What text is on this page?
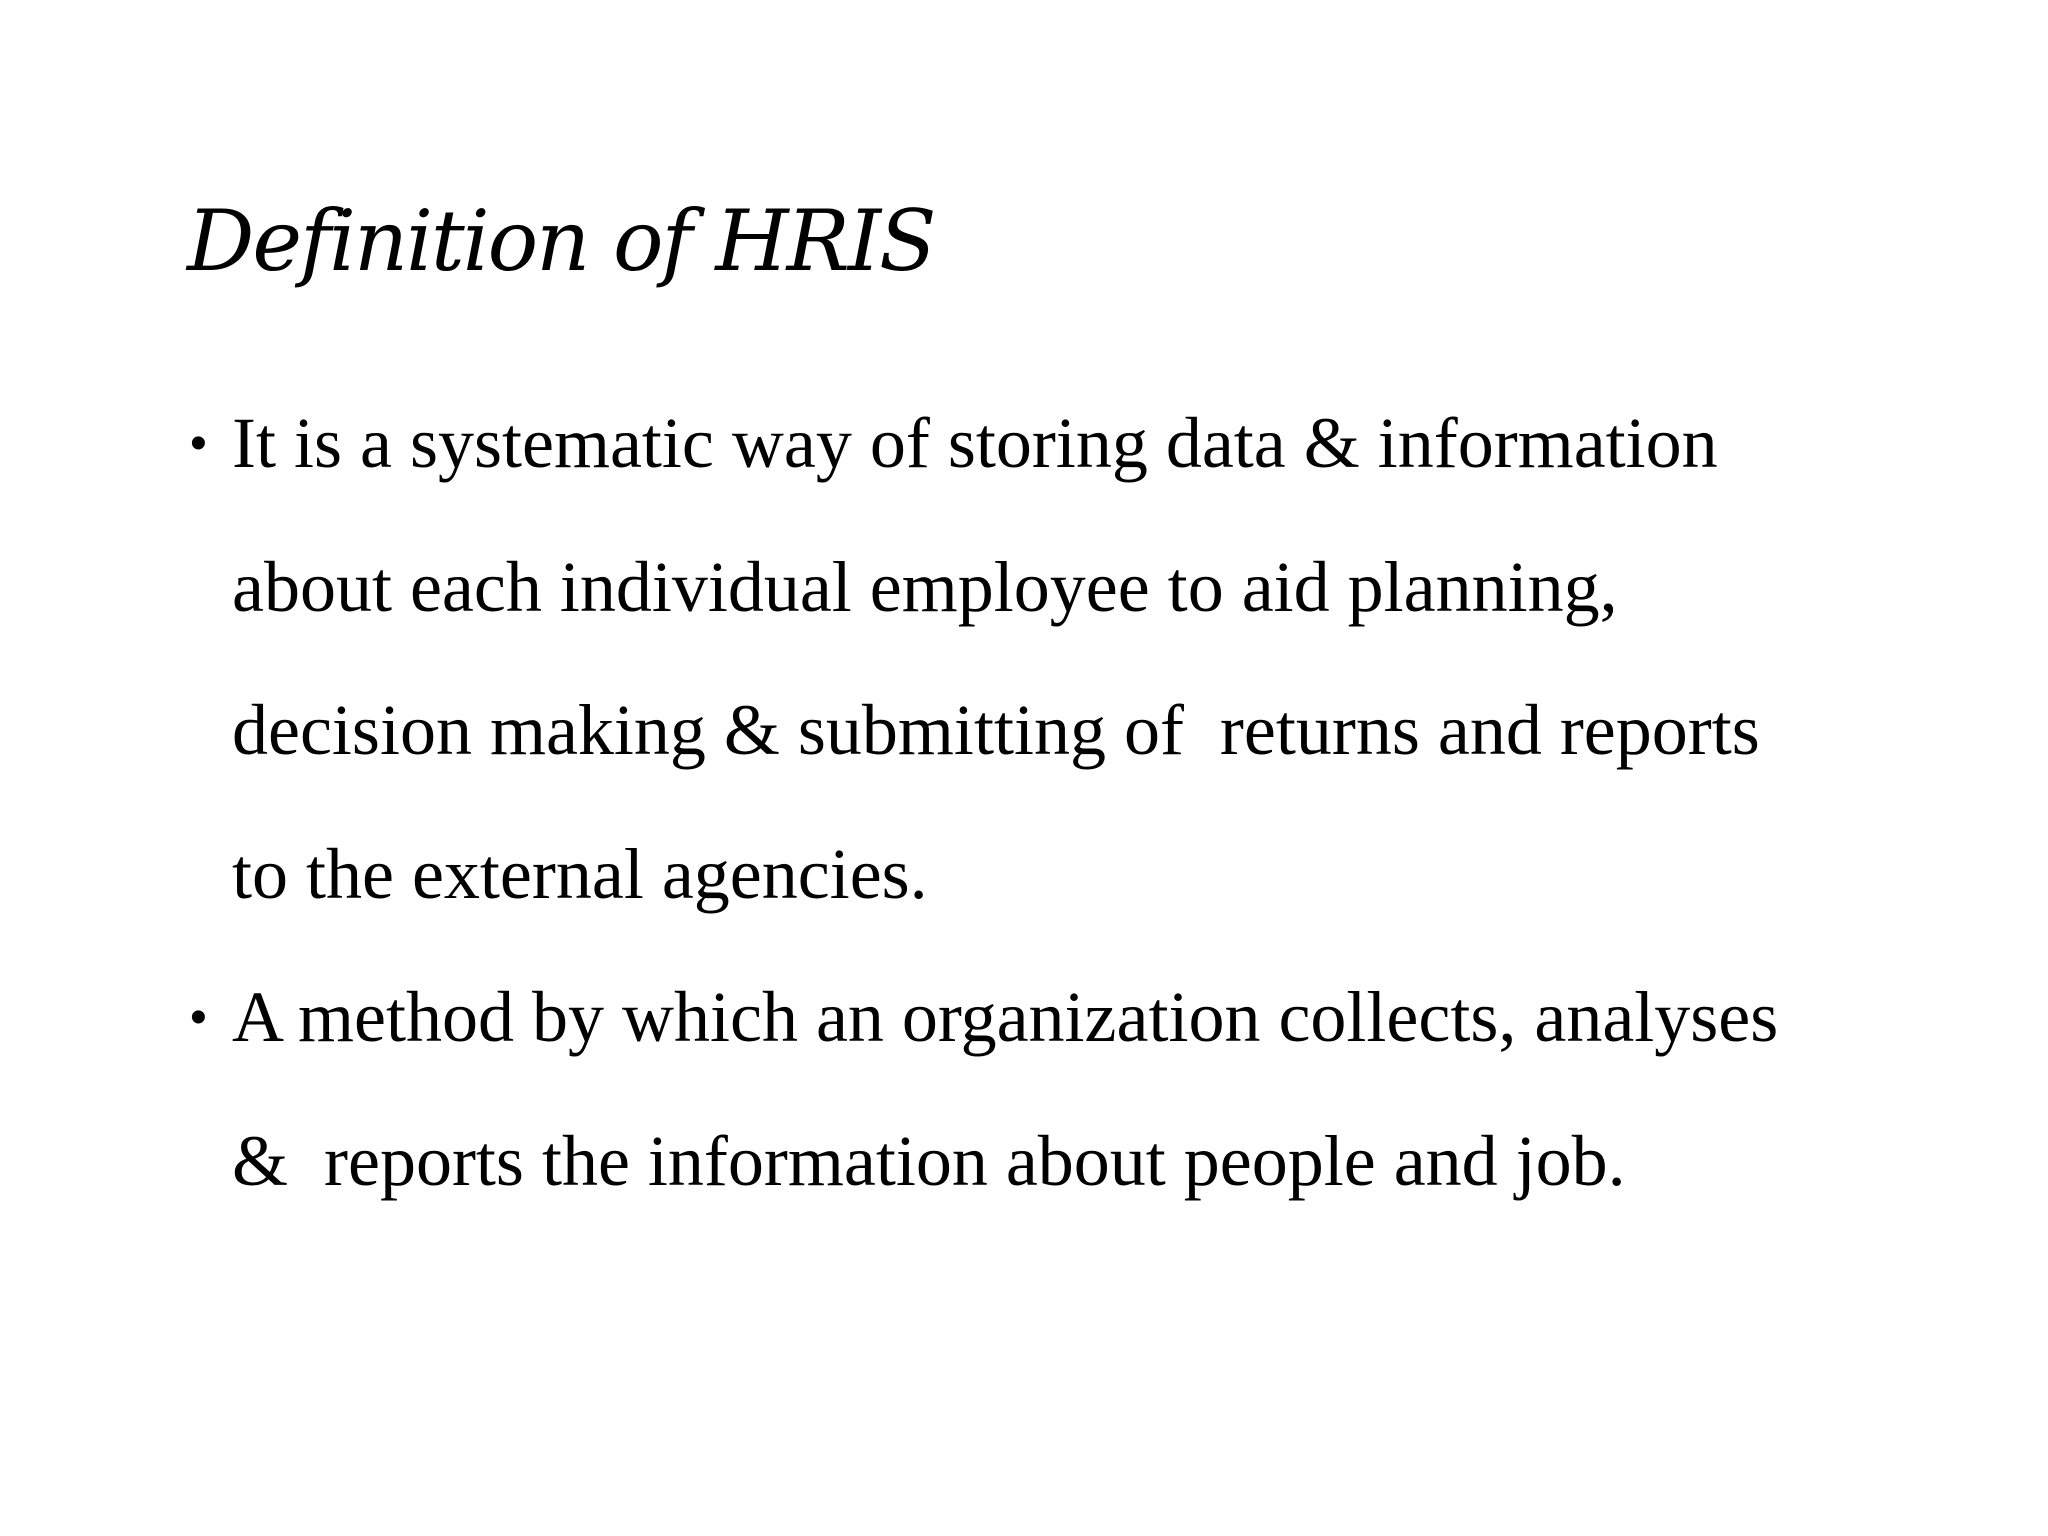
Definition of HRIS
• It is a systematic way of storing data & information
about each individual employee to aid planning,
decision making & submitting of  returns and reports
to the external agencies.
• A method by which an organization collects, analyses
&  reports the information about people and job.
